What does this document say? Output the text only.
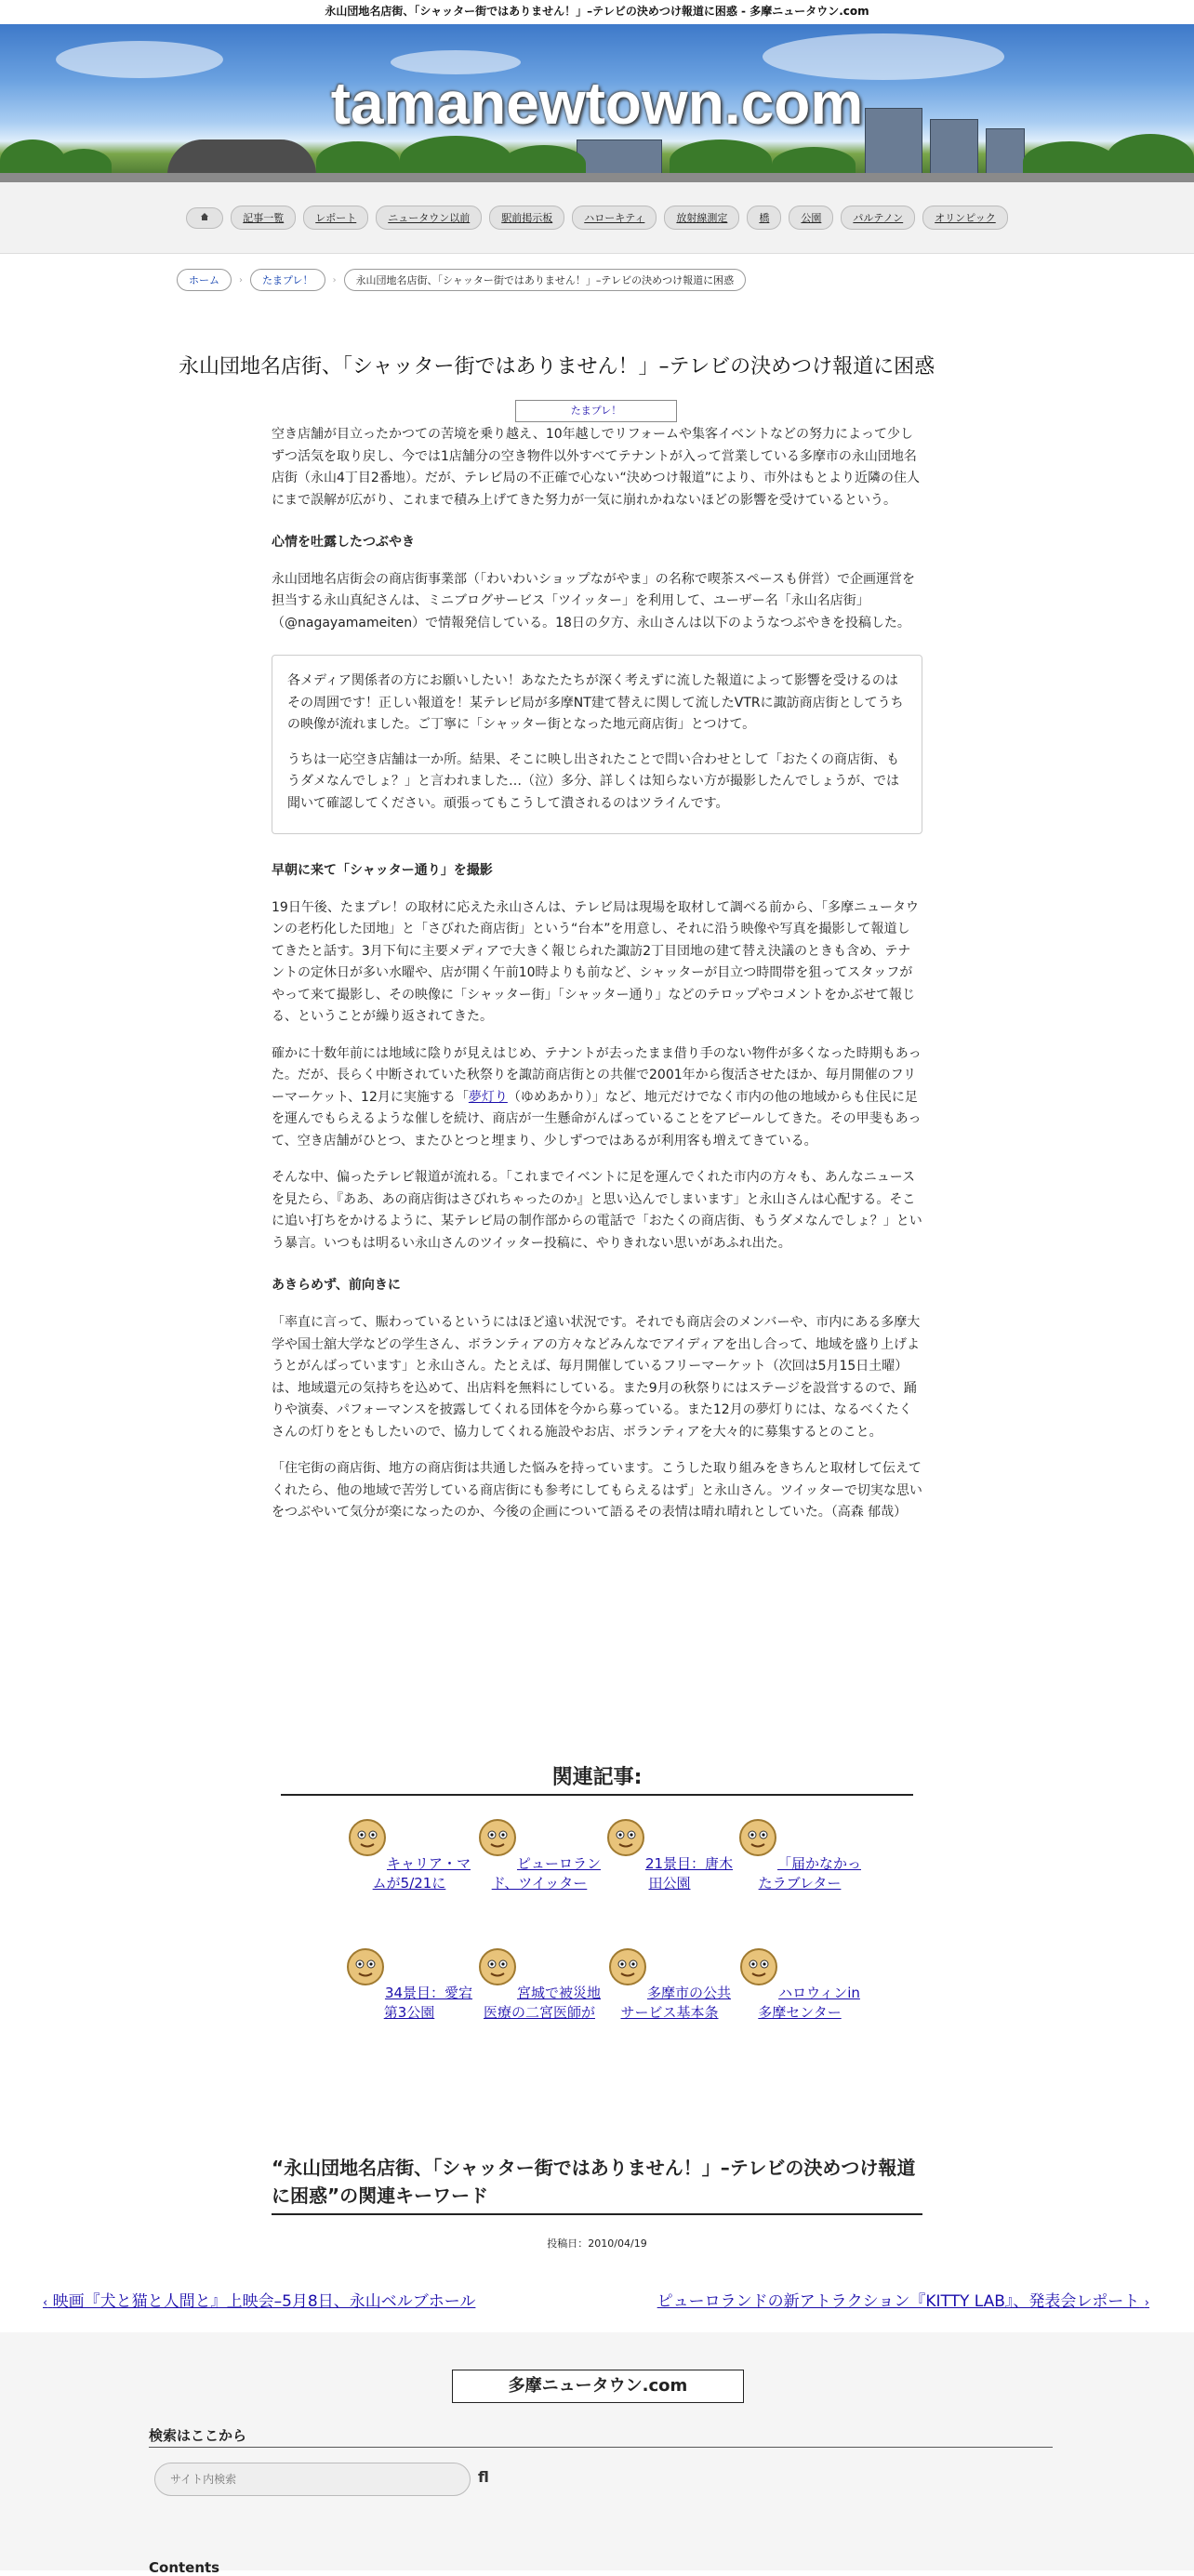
永山団地名店街、「シャッター街ではありません！」–テレビの決めつけ報道に困惑 - 多摩ニュータウン.com
tamanewtown.com
記事一覧	レポート	ニュータウン以前	駅前掲示板	ハローキティ	放射線測定	橋	公園	パルテノン	オリンピック
ホーム	›	たまプレ！	›	永山団地名店街、「シャッター街ではありません！」–テレビの決めつけ報道に困惑
永山団地名店街、「シャッター街ではありません！」–テレビの決めつけ報道に困惑
たまプレ！

空き店舗が目立ったかつての苦境を乗り越え、10年越しでリフォームや集客イベントなどの努力によって少しずつ活気を取り戻し、今では1店舗分の空き物件以外すべてテナントが入って営業している多摩市の永山団地名店街（永山4丁目2番地）。だが、テレビ局の不正確で心ない“決めつけ報道”により、市外はもとより近隣の住人にまで誤解が広がり、これまで積み上げてきた努力が一気に崩れかねないほどの影響を受けているという。

心情を吐露したつぶやき

永山団地名店街会の商店街事業部（「わいわいショップながやま」の名称で喫茶スペースも併営）で企画運営を担当する永山真紀さんは、ミニブログサービス「ツイッター」を利用して、ユーザー名「永山名店街」（@nagayamameiten）で情報発信している。18日の夕方、永山さんは以下のようなつぶやきを投稿した。

各メディア関係者の方にお願いしたい！あなたたちが深く考えずに流した報道によって影響を受けるのはその周囲です！正しい報道を！某テレビ局が多摩NT建て替えに関して流したVTRに諏訪商店街としてうちの映像が流れました。ご丁寧に「シャッター街となった地元商店街」とつけて。

うちは一応空き店舗は一か所。結果、そこに映し出されたことで問い合わせとして「おたくの商店街、もうダメなんでしょ？」と言われました…（泣）多分、詳しくは知らない方が撮影したんでしょうが、では聞いて確認してください。頑張ってもこうして潰されるのはツライんです。

早朝に来て「シャッター通り」を撮影

19日午後、たまプレ！の取材に応えた永山さんは、テレビ局は現場を取材して調べる前から、「多摩ニュータウンの老朽化した団地」と「さびれた商店街」という“台本”を用意し、それに沿う映像や写真を撮影して報道してきたと話す。3月下旬に主要メディアで大きく報じられた諏訪2丁目団地の建て替え決議のときも含め、テナントの定休日が多い水曜や、店が開く午前10時よりも前など、シャッターが目立つ時間帯を狙ってスタッフがやって来て撮影し、その映像に「シャッター街」「シャッター通り」などのテロップやコメントをかぶせて報じる、ということが繰り返されてきた。

確かに十数年前には地域に陰りが見えはじめ、テナントが去ったまま借り手のない物件が多くなった時期もあった。だが、長らく中断されていた秋祭りを諏訪商店街との共催で2001年から復活させたほか、毎月開催のフリーマーケット、12月に実施する「夢灯り（ゆめあかり）」など、地元だけでなく市内の他の地域からも住民に足を運んでもらえるような催しを続け、商店が一生懸命がんばっていることをアピールしてきた。その甲斐もあって、空き店舗がひとつ、またひとつと埋まり、少しずつではあるが利用客も増えてきている。

そんな中、偏ったテレビ報道が流れる。「これまでイベントに足を運んでくれた市内の方々も、あんなニュースを見たら、『ああ、あの商店街はさびれちゃったのか』と思い込んでしまいます」と永山さんは心配する。そこに追い打ちをかけるように、某テレビ局の制作部からの電話で「おたくの商店街、もうダメなんでしょ？」という暴言。いつもは明るい永山さんのツイッター投稿に、やりきれない思いがあふれ出た。

あきらめず、前向きに

「率直に言って、賑わっているというにはほど遠い状況です。それでも商店会のメンバーや、市内にある多摩大学や国士舘大学などの学生さん、ボランティアの方々などみんなでアイディアを出し合って、地域を盛り上げようとがんばっています」と永山さん。たとえば、毎月開催しているフリーマーケット（次回は5月15日土曜）は、地域還元の気持ちを込めて、出店料を無料にしている。また9月の秋祭りにはステージを設営するので、踊りや演奏、パフォーマンスを披露してくれる団体を今から募っている。また12月の夢灯りには、なるべくたくさんの灯りをともしたいので、協力してくれる施設やお店、ボランティアを大々的に募集するとのこと。

「住宅街の商店街、地方の商店街は共通した悩みを持っています。こうした取り組みをきちんと取材して伝えてくれたら、他の地域で苦労している商店街にも参考にしてもらえるはず」と永山さん。ツイッターで切実な思いをつぶやいて気分が楽になったのか、今後の企画について語るその表情は晴れ晴れとしていた。（高森 郁哉）

関連記事:
キャリア・マムが5/21に
ピューロランド、ツイッター
21景目：唐木田公園
「届かなかったラブレター
34景目：愛宕第3公園
宮城で被災地医療の二宮医師が
多摩市の公共サービス基本条
ハロウィンin多摩センター
“永山団地名店街、「シャッター街ではありません！」–テレビの決めつけ報道に困惑”の関連キーワード
投稿日：2010/04/19
‹ 映画『犬と猫と人間と』上映会–5月8日、永山ベルブホール	ピューロランドの新アトラクション『KITTY LAB』、発表会レポート ›
多摩ニュータウン.com
検索はここから
サイト内検索
fl
Contents
